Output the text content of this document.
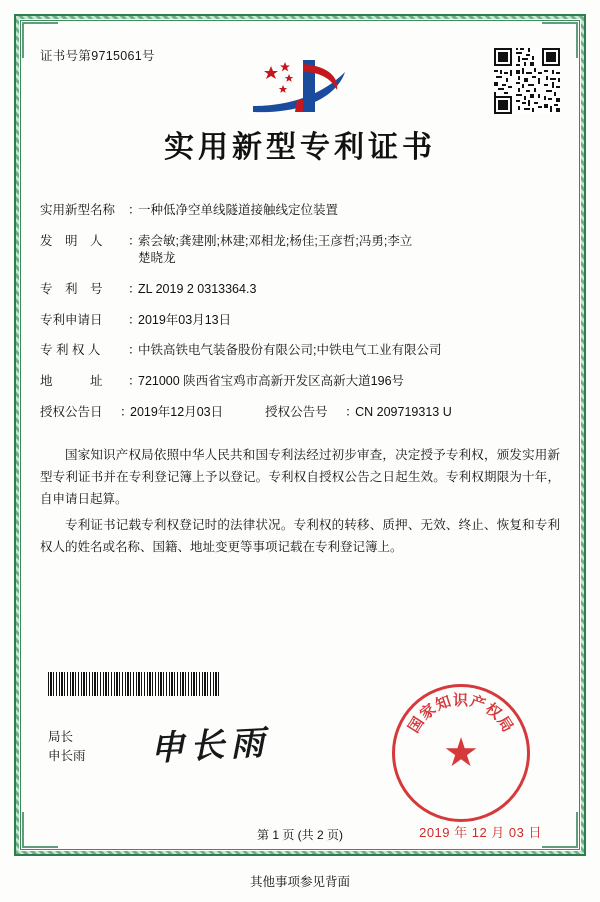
证书号第9715061号
实用新型专利证书
实用新型名称	：
一种低净空单线隧道接触线定位装置
发　明　人	：
索会敏;龚建刚;林建;邓相龙;杨佳;王彦哲;冯勇;李立
楚晓龙
专　利　号	：
ZL 2019 2 0313364.3
专利申请日	：
2019年03月13日
专 利 权 人	：
中铁高铁电气装备股份有限公司;中铁电气工业有限公司
地　　　址	：
721000 陕西省宝鸡市高新开发区高新大道196号
授权公告日	：
2019年12月03日	授权公告号	：
CN 209719313 U

国家知识产权局依照中华人民共和国专利法经过初步审查，决定授予专利权，颁发实用新型专利证书并在专利登记簿上予以登记。专利权自授权公告之日起生效。专利权期限为十年，自申请日起算。

专利证书记载专利权登记时的法律状况。专利权的转移、质押、无效、终止、恢复和专利权人的姓名或名称、国籍、地址变更等事项记载在专利登记簿上。

局长
申长雨 申长雨	国家知识产权局
★
2019 年 12 月 03 日
第 1 页 (共 2 页)
其他事项参见背面
